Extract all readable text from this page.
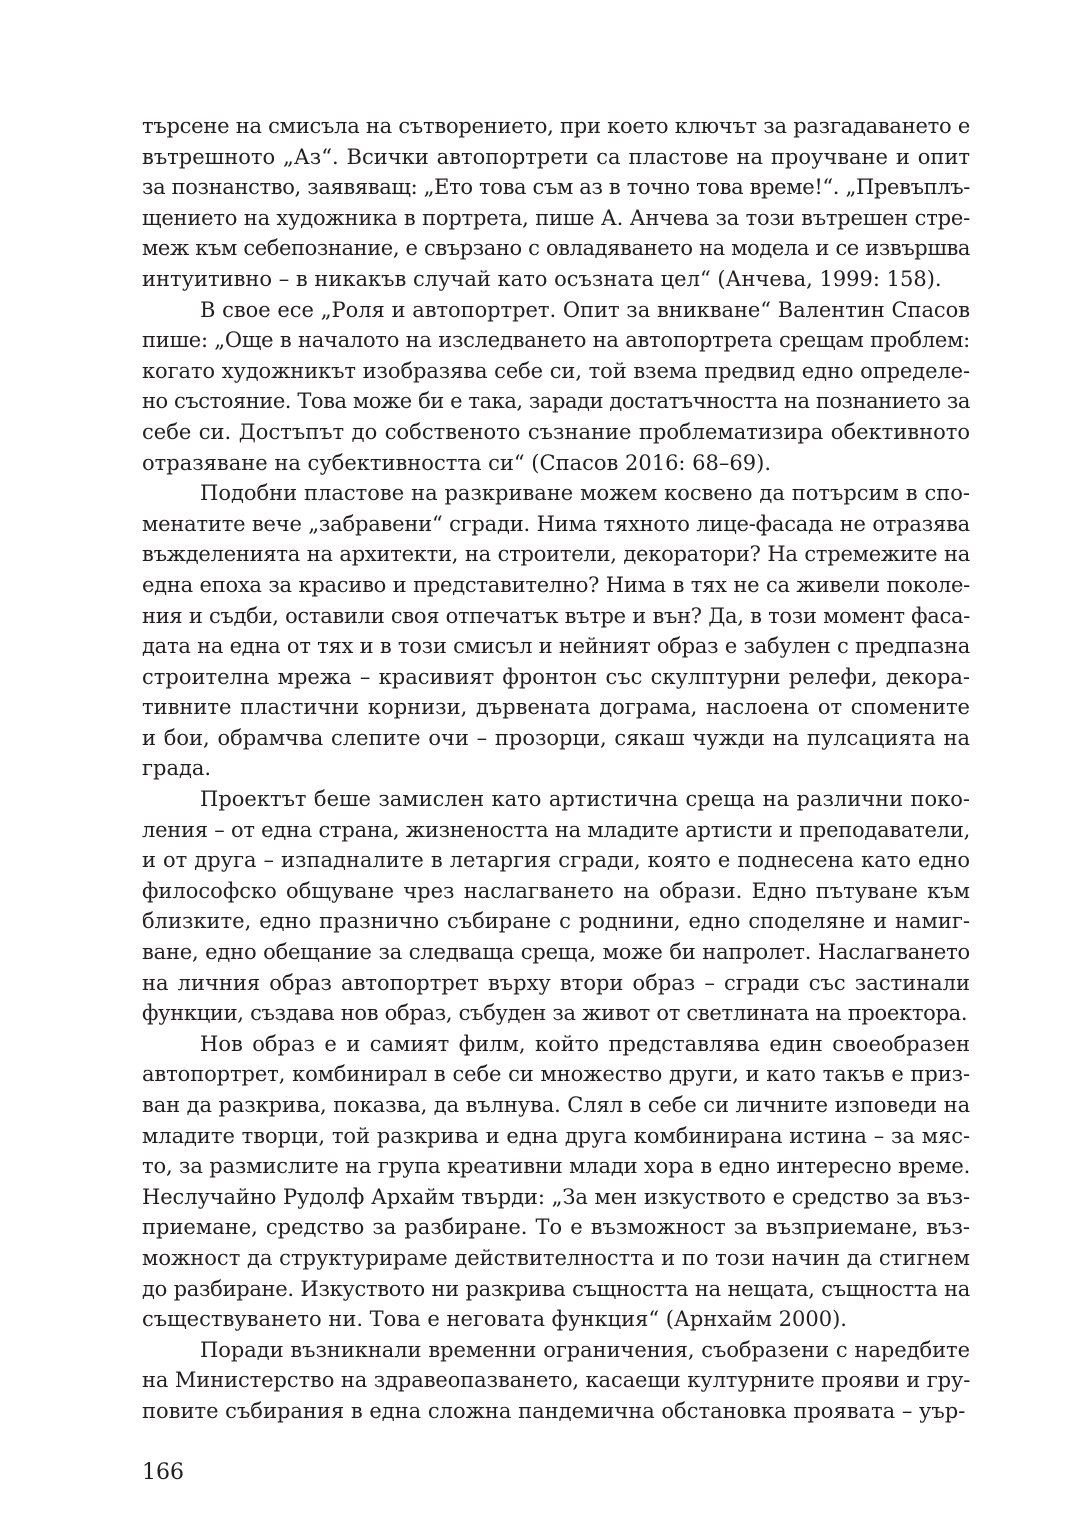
търсене на смисъла на сътворението, при което ключът за разгадаването е
вътрешното „Аз“. Всички автопортрети са пластове на проучване и опит
за познанство, заявяващ: „Ето това съм аз в точно това време!“. „Превъплъ-
щението на художника в портрета, пише А. Анчева за този вътрешен стре-
меж към себепознание, е свързано с овладяването на модела и се извършва
интуитивно – в никакъв случай като осъзната цел“ (Анчева, 1999: 158).

В свое есе „Роля и автопортрет. Опит за вникване“ Валентин Спасов
пише: „Още в началото на изследването на автопортрета срещам проблем:
когато художникът изобразява себе си, той взема предвид едно определе-
но състояние. Това може би е така, заради достатъчността на познанието за
себе си. Достъпът до собственото съзнание проблематизира обективното
отразяване на субективността си“ (Спасов 2016: 68–69).

Подобни пластове на разкриване можем косвено да потърсим в спо-
менатите вече „забравени“ сгради. Нима тяхното лице-фасада не отразява
въжделенията на архитекти, на строители, декоратори? На стремежите на
една епоха за красиво и представително? Нима в тях не са живели поколе-
ния и съдби, оставили своя отпечатък вътре и вън? Да, в този момент фаса-
дата на една от тях и в този смисъл и нейният образ е забулен с предпазна
строителна мрежа – красивият фронтон със скулптурни релефи, декора-
тивните пластични корнизи, дървената дограма, наслоена от спомените
и бои, обрамчва слепите очи – прозорци, сякаш чужди на пулсацията на
града.

Проектът беше замислен като артистична среща на различни поко-
ления – от една страна, жизнеността на младите артисти и преподаватели,
и от друга – изпадналите в летаргия сгради, която е поднесена като едно
философско общуване чрез наслагването на образи. Едно пътуване към
близките, едно празнично събиране с роднини, едно споделяне и намиг-
ване, едно обещание за следваща среща, може би напролет. Наслагването
на личния образ автопортрет върху втори образ – сгради със застинали
функции, създава нов образ, събуден за живот от светлината на проектора.

Нов образ е и самият филм, който представлява един своеобразен
автопортрет, комбинирал в себе си множество други, и като такъв е приз-
ван да разкрива, показва, да вълнува. Слял в себе си личните изповеди на
младите творци, той разкрива и една друга комбинирана истина – за мяс-
то, за размислите на група креативни млади хора в едно интересно време.
Неслучайно Рудолф Архайм твърди: „За мен изкуството е средство за въз-
приемане, средство за разбиране. То е възможност за възприемане, въз-
можност да структурираме действителността и по този начин да стигнем
до разбиране. Изкуството ни разкрива същността на нещата, същността на
съществуването ни. Това е неговата функция“ (Арнхайм 2000).

Поради възникнали временни ограничения, съобразени с наредбите
на Министерство на здравеопазването, касаещи културните прояви и гру-
повите събирания в една сложна пандемична обстановка проявата – уър-

166
